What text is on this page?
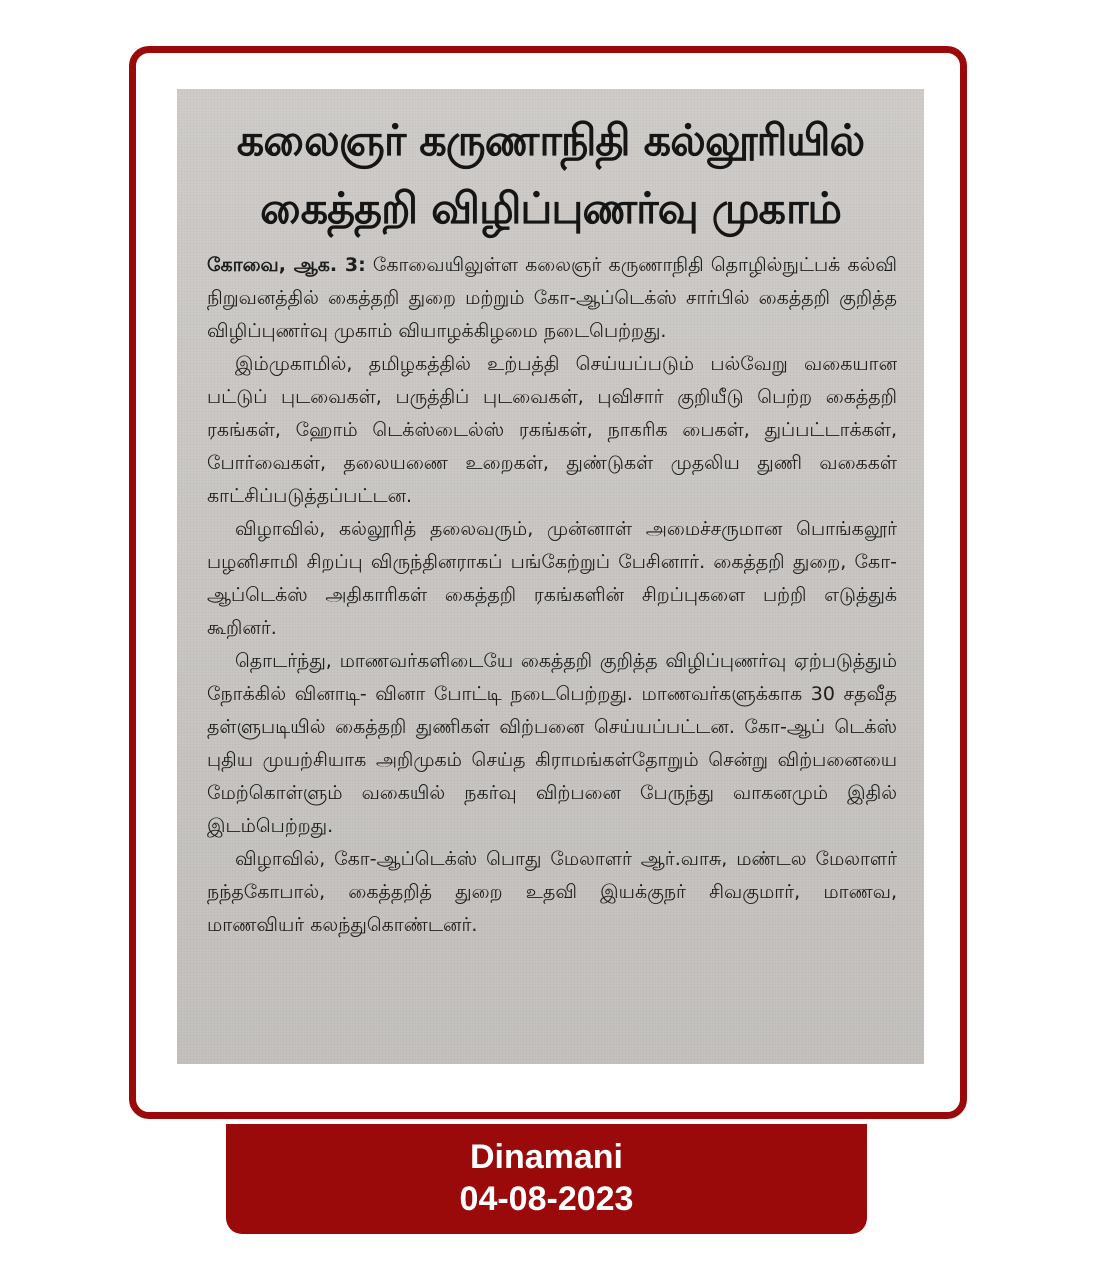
கலைஞர் கருணாநிதி கல்லூரியில்
கைத்தறி விழிப்புணர்வு முகாம்

கோவை, ஆக. 3: கோவையிலுள்ள கலைஞர் கருணாநிதி தொழில்நுட்பக் கல்வி நிறுவனத்தில் கைத்தறி துறை மற்றும் கோ-ஆப்டெக்ஸ் சார்பில் கைத்தறி குறித்த விழிப்புணர்வு முகாம் வியாழக்கிழமை நடைபெற்றது.

இம்முகாமில், தமிழகத்தில் உற்பத்தி செய்யப்படும் பல்வேறு வகையான பட்டுப் புடவைகள், பருத்திப் புடவைகள், புவிசார் குறியீடு பெற்ற கைத்தறி ரகங்கள், ஹோம் டெக்ஸ்டைல்ஸ் ரகங்கள், நாகரிக பைகள், துப்பட்டாக்கள், போர்வைகள், தலையணை உறைகள், துண்டுகள் முதலிய துணி வகைகள் காட்சிப்படுத்தப்பட்டன.

விழாவில், கல்லூரித் தலைவரும், முன்னாள் அமைச்சருமான பொங்கலூர் பழனிசாமி சிறப்பு விருந்தினராகப் பங்கேற்றுப் பேசினார். கைத்தறி துறை, கோ-ஆப்டெக்ஸ் அதிகாரிகள் கைத்தறி ரகங்களின் சிறப்புகளை பற்றி எடுத்துக் கூறினர்.

தொடர்ந்து, மாணவர்களிடையே கைத்தறி குறித்த விழிப்புணர்வு ஏற்படுத்தும் நோக்கில் வினாடி- வினா போட்டி நடைபெற்றது. மாணவர்களுக்காக 30 சதவீத தள்ளுபடியில் கைத்தறி துணிகள் விற்பனை செய்யப்பட்டன. கோ-ஆப் டெக்ஸ் புதிய முயற்சியாக அறிமுகம் செய்த கிராமங்கள்தோறும் சென்று விற்பனையை மேற்கொள்ளும் வகையில் நகர்வு விற்பனை பேருந்து வாகனமும் இதில் இடம்பெற்றது.

விழாவில், கோ-ஆப்டெக்ஸ் பொது மேலாளர் ஆர்.வாசு, மண்டல மேலாளர் நந்தகோபால், கைத்தறித் துறை உதவி இயக்குநர் சிவகுமார், மாணவ, மாணவியர் கலந்துகொண்டனர்.

Dinamani
04-08-2023
